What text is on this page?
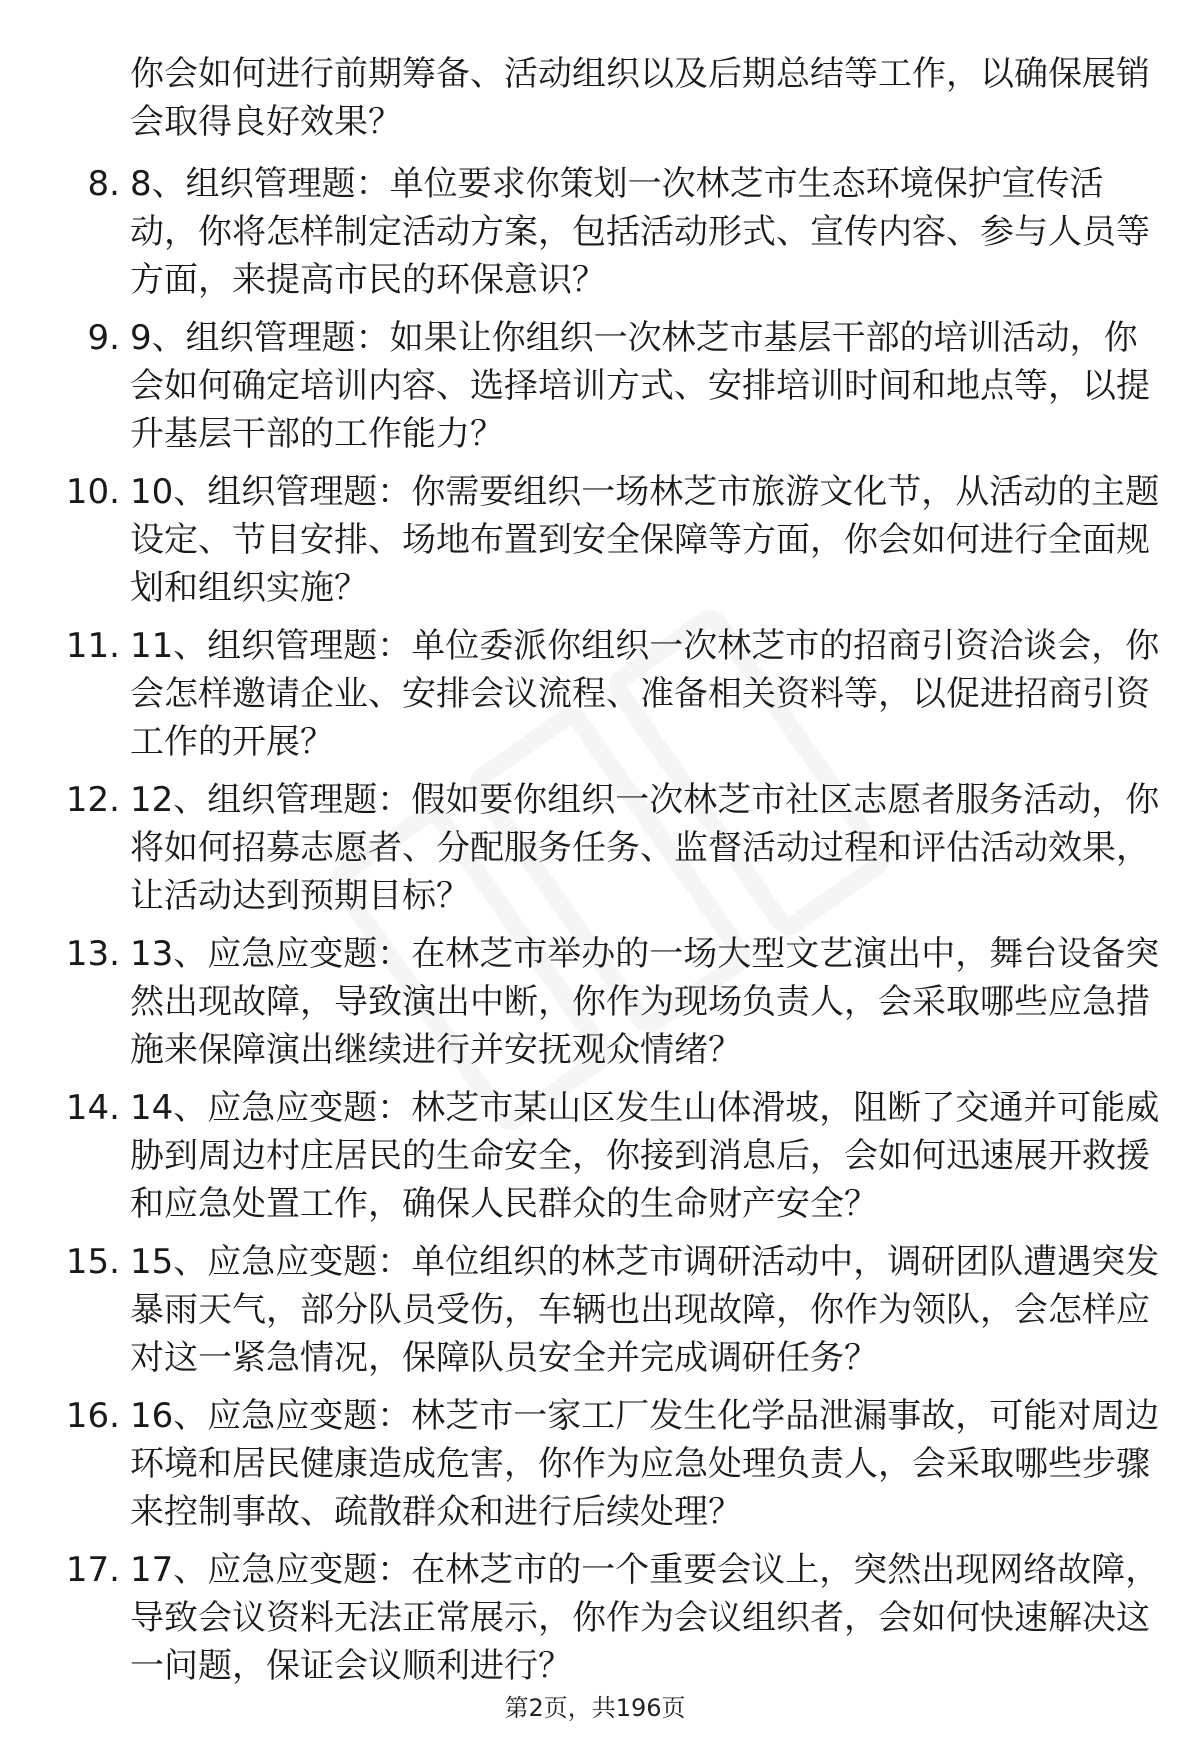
你会如何进行前期筹备、活动组织以及后期总结等工作，以确保展销会取得良好效果？
8. 8、组织管理题：单位要求你策划一次林芝市生态环境保护宣传活动，你将怎样制定活动方案，包括活动形式、宣传内容、参与人员等方面，来提高市民的环保意识？
9. 9、组织管理题：如果让你组织一次林芝市基层干部的培训活动，你会如何确定培训内容、选择培训方式、安排培训时间和地点等，以提升基层干部的工作能力？
10. 10、组织管理题：你需要组织一场林芝市旅游文化节，从活动的主题设定、节目安排、场地布置到安全保障等方面，你会如何进行全面规划和组织实施？
11. 11、组织管理题：单位委派你组织一次林芝市的招商引资洽谈会，你会怎样邀请企业、安排会议流程、准备相关资料等，以促进招商引资工作的开展？
12. 12、组织管理题：假如要你组织一次林芝市社区志愿者服务活动，你将如何招募志愿者、分配服务任务、监督活动过程和评估活动效果，让活动达到预期目标？
13. 13、应急应变题：在林芝市举办的一场大型文艺演出中，舞台设备突然出现故障，导致演出中断，你作为现场负责人，会采取哪些应急措施来保障演出继续进行并安抚观众情绪？
14. 14、应急应变题：林芝市某山区发生山体滑坡，阻断了交通并可能威胁到周边村庄居民的生命安全，你接到消息后，会如何迅速展开救援和应急处置工作，确保人民群众的生命财产安全？
15. 15、应急应变题：单位组织的林芝市调研活动中，调研团队遭遇突发暴雨天气，部分队员受伤，车辆也出现故障，你作为领队，会怎样应对这一紧急情况，保障队员安全并完成调研任务？
16. 16、应急应变题：林芝市一家工厂发生化学品泄漏事故，可能对周边环境和居民健康造成危害，你作为应急处理负责人，会采取哪些步骤来控制事故、疏散群众和进行后续处理？
17. 17、应急应变题：在林芝市的一个重要会议上，突然出现网络故障，导致会议资料无法正常展示，你作为会议组织者，会如何快速解决这一问题，保证会议顺利进行？
第2页，共196页
